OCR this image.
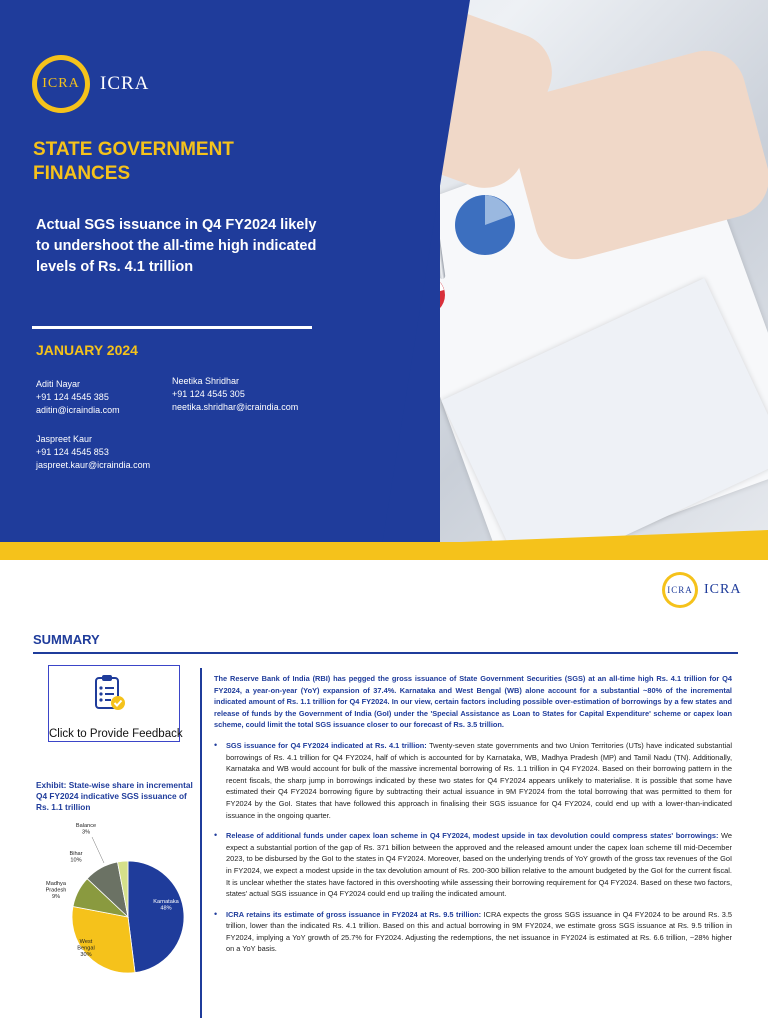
ICRA ICRA
STATE GOVERNMENT FINANCES
Actual SGS issuance in Q4 FY2024 likely to undershoot the all-time high indicated levels of Rs. 4.1 trillion
JANUARY 2024
Aditi Nayar
+91 124 4545 385
aditin@icraindia.com
Neetika Shridhar
+91 124 4545 305
neetika.shridhar@icraindia.com
Jaspreet Kaur
+91 124 4545 853
jaspreet.kaur@icraindia.com
ICRA ICRA
SUMMARY
Click to Provide Feedback
Exhibit: State-wise share in incremental Q4 FY2024 indicative SGS issuance of Rs. 1.1 trillion
Karnataka 48%
West Bengal 30%
Madhya Pradesh 9%
Bihar 10%
Balance 3%

The Reserve Bank of India (RBI) has pegged the gross issuance of State Government Securities (SGS) at an all-time high Rs. 4.1 trillion for Q4 FY2024, a year-on-year (YoY) expansion of 37.4%. Karnataka and West Bengal (WB) alone account for a substantial ~80% of the incremental indicated amount of Rs. 1.1 trillion for Q4 FY2024. In our view, certain factors including possible over-estimation of borrowings by a few states and release of funds by the Government of India (GoI) under the 'Special Assistance as Loan to States for Capital Expenditure' scheme or capex loan scheme, could limit the total SGS issuance closer to our forecast of Rs. 3.5 trillion.

• SGS issuance for Q4 FY2024 indicated at Rs. 4.1 trillion: Twenty-seven state governments and two Union Territories (UTs) have indicated substantial borrowings of Rs. 4.1 trillion for Q4 FY2024, half of which is accounted for by Karnataka, WB, Madhya Pradesh (MP) and Tamil Nadu (TN). Additionally, Karnataka and WB would account for bulk of the massive incremental borrowing of Rs. 1.1 trillion in Q4 FY2024. Based on their borrowing pattern in the recent fiscals, the sharp jump in borrowings indicated by these two states for Q4 FY2024 appears unlikely to materialise. It is possible that some have estimated their Q4 FY2024 borrowing figure by subtracting their actual issuance in 9M FY2024 from the total borrowing that was permitted to them for FY2024 by the GoI. States that have followed this approach in finalising their SGS issuance for Q4 FY2024, could end up with a lower-than-indicated issuance in the ongoing quarter.
• Release of additional funds under capex loan scheme in Q4 FY2024, modest upside in tax devolution could compress states' borrowings: We expect a substantial portion of the gap of Rs. 371 billion between the approved and the released amount under the capex loan scheme till mid-December 2023, to be disbursed by the GoI to the states in Q4 FY2024. Moreover, based on the underlying trends of YoY growth of the gross tax revenues of the GoI in FY2024, we expect a modest upside in the tax devolution amount of Rs. 200-300 billion relative to the amount budgeted by the GoI for the current fiscal. It is unclear whether the states have factored in this overshooting while assessing their borrowing requirement for Q4 FY2024. Based on these two factors, states' actual SGS issuance in Q4 FY2024 could end up trailing the indicated amount.
• ICRA retains its estimate of gross issuance in FY2024 at Rs. 9.5 trillion: ICRA expects the gross SGS issuance in Q4 FY2024 to be around Rs. 3.5 trillion, lower than the indicated Rs. 4.1 trillion. Based on this and actual borrowing in 9M FY2024, we estimate gross SGS issuance at Rs. 9.5 trillion in FY2024, implying a YoY growth of 25.7% for FY2024. Adjusting the redemptions, the net issuance in FY2024 is estimated at Rs. 6.6 trillion, ~28% higher on a YoY basis.
